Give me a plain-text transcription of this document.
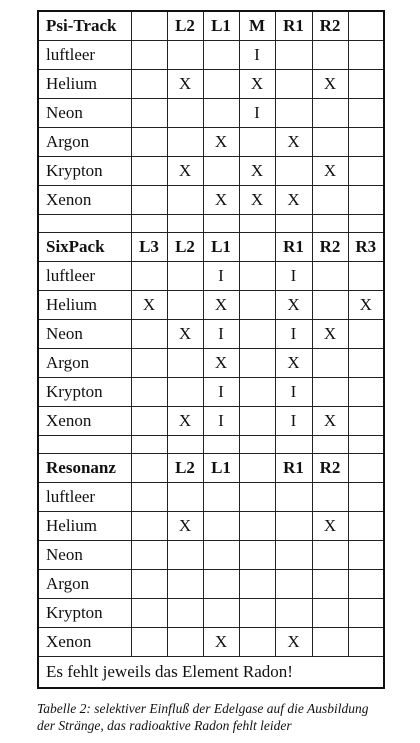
Psi-Track		L2	L1	M	R1	R2	
luftleer				I			
Helium		X		X		X	
Neon				I			
Argon			X		X		
Krypton		X		X		X	
Xenon			X	X	X		

SixPack	L3	L2	L1		R1	R2	R3
luftleer			I		I		
Helium	X		X		X		X
Neon		X	I		I	X	
Argon			X		X		
Krypton			I		I		
Xenon		X	I		I	X	

Resonanz		L2	L1		R1	R2	
luftleer							
Helium		X				X	
Neon							
Argon							
Krypton							
Xenon			X		X		
Es fehlt jeweils das Element Radon!							
Tabelle 2: selektiver Einfluß der Edelgase auf die Ausbildung
der Stränge, das radioaktive Radon fehlt leider
